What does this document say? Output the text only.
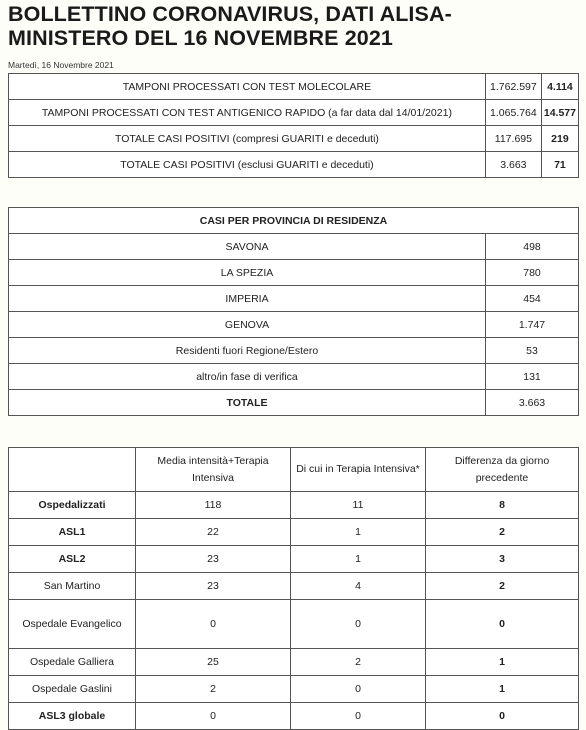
BOLLETTINO CORONAVIRUS, DATI ALISA-
MINISTERO DEL 16 NOVEMBRE 2021
Martedì, 16 Novembre 2021
TAMPONI PROCESSATI CON TEST MOLECOLARE	1.762.597	4.114
TAMPONI PROCESSATI CON TEST ANTIGENICO RAPIDO (a far data dal 14/01/2021)	1.065.764	14.577
TOTALE CASI POSITIVI (compresi GUARITI e deceduti)	117.695	219
TOTALE CASI POSITIVI (esclusi GUARITI e deceduti)	3.663	71
CASI PER PROVINCIA DI RESIDENZA	
SAVONA	498
LA SPEZIA	780
IMPERIA	454
GENOVA	1.747
Residenti fuori Regione/Estero	53
altro/in fase di verifica	131
TOTALE	3.663
	Media intensità+Terapia Intensiva	Di cui in Terapia Intensiva*	Differenza da giorno precedente
Ospedalizzati	118	11	8
ASL1	22	1	2
ASL2	23	1	3
San Martino	23	4	2
Ospedale Evangelico	0	0	0
Ospedale Galliera	25	2	1
Ospedale Gaslini	2	0	1
ASL3 globale	0	0	0
